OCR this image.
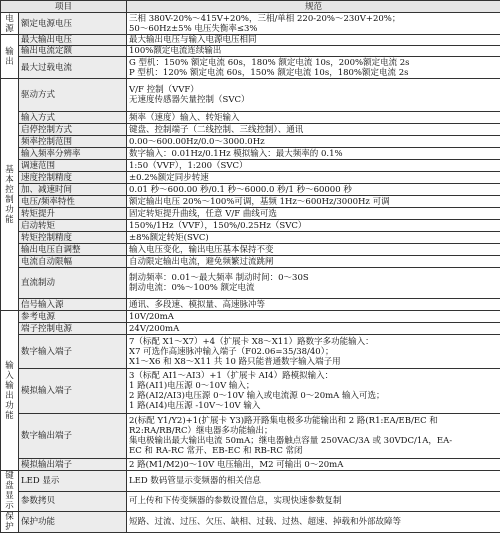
项目		规范
电源	额定电源电压	三相 380V-20%～415V+20%，三相/单相 220-20%～230V+20%；
50～60Hz±5% 电压失衡率≤3%
输出	最大输出电压	最大输出电压与输入电源电压相同
	输出电流定额	100%额定电流连续输出
	最大过载电流	G 型机：150% 额定电流 60s，180% 额定电流 10s，200%额定电流 2s
P 型机：120% 额定电流 60s，150% 额定电流 10s，180%额定电流 2s
基本控制功能	驱动方式	V/F 控制（VVF）
无速度传感器矢量控制（SVC）
	输入方式	频率（速度）输入、转矩输入
	启停控制方式	键盘、控制端子（二线控制、三线控制）、通讯
	频率控制范围	0.00～600.00Hz/0.0～3000.0Hz
	输入频率分辨率	数字输入：0.01Hz/0.1Hz 模拟输入：最大频率的 0.1%
	调速范围	1:50（VVF），1:200（SVC）
	速度控制精度	±0.2%额定同步转速
	加、减速时间	0.01 秒～600.00 秒/0.1 秒～6000.0 秒/1 秒～60000 秒
	电压/频率特性	额定输出电压 20%～100%可调，基频 1Hz～600Hz/3000Hz 可调
	转矩提升	固定转矩提升曲线，任意 V/F 曲线可选
	启动转矩	150%/1Hz（VVF），150%/0.25Hz（SVC）
	转矩控制精度	±8%额定转矩(SVC)
	输出电压自调整	输入电压变化，输出电压基本保持不变
	电流自动限幅	自动限定输出电流，避免频繁过流跳闸
	直流制动	制动频率：0.01～最大频率 制动时间：0～30S
制动电流：0%～100% 额定电流
	信号输入源	通讯、多段速、模拟量、高速脉冲等
输入输出功能	参考电源	10V/20mA
	端子控制电源	24V/200mA
	数字输入端子	7（标配 X1～X7）+4（扩展卡 X8～X11）路数字多功能输入：
X7 可选作高速脉冲输入端子（F02.06=35/38/40）；
X1～X6 和 X8～X11 共 10 路只能普通数字输入端子用
	模拟输入端子	3（标配 AI1～AI3）+1（扩展卡 AI4）路模拟输入：
1 路(AI1)电压源 0～10V 输入；
2 路(AI2/AI3)电压源 0～10V 输入或电流源 0～20mA 输入可选；
1 路(AI4)电压源 -10V～10V 输入
	数字输出端子	2(标配 Y1/Y2)+1(扩展卡 Y3)路开路集电极多功能输出和 2 路(R1:EA/EB/EC 和
R2:RA/RB/RC）继电器多功能输出；
集电极输出最大输出电流 50mA；继电器触点容量 250VAC/3A 或 30VDC/1A，EA-
EC 和 RA-RC 常开、EB-EC 和 RB-RC 常闭
	模拟输出端子	2 路(M1/M2)0～10V 电压输出，M2 可输出 0～20mA
键盘显示	LED 显示	LED 数码管显示变频器的相关信息
	参数拷贝	可上传和下传变频器的参数设置信息，实现快速参数复制
保护	保护功能	短路、过流、过压、欠压、缺相、过载、过热、超速、掉载和外部故障等
